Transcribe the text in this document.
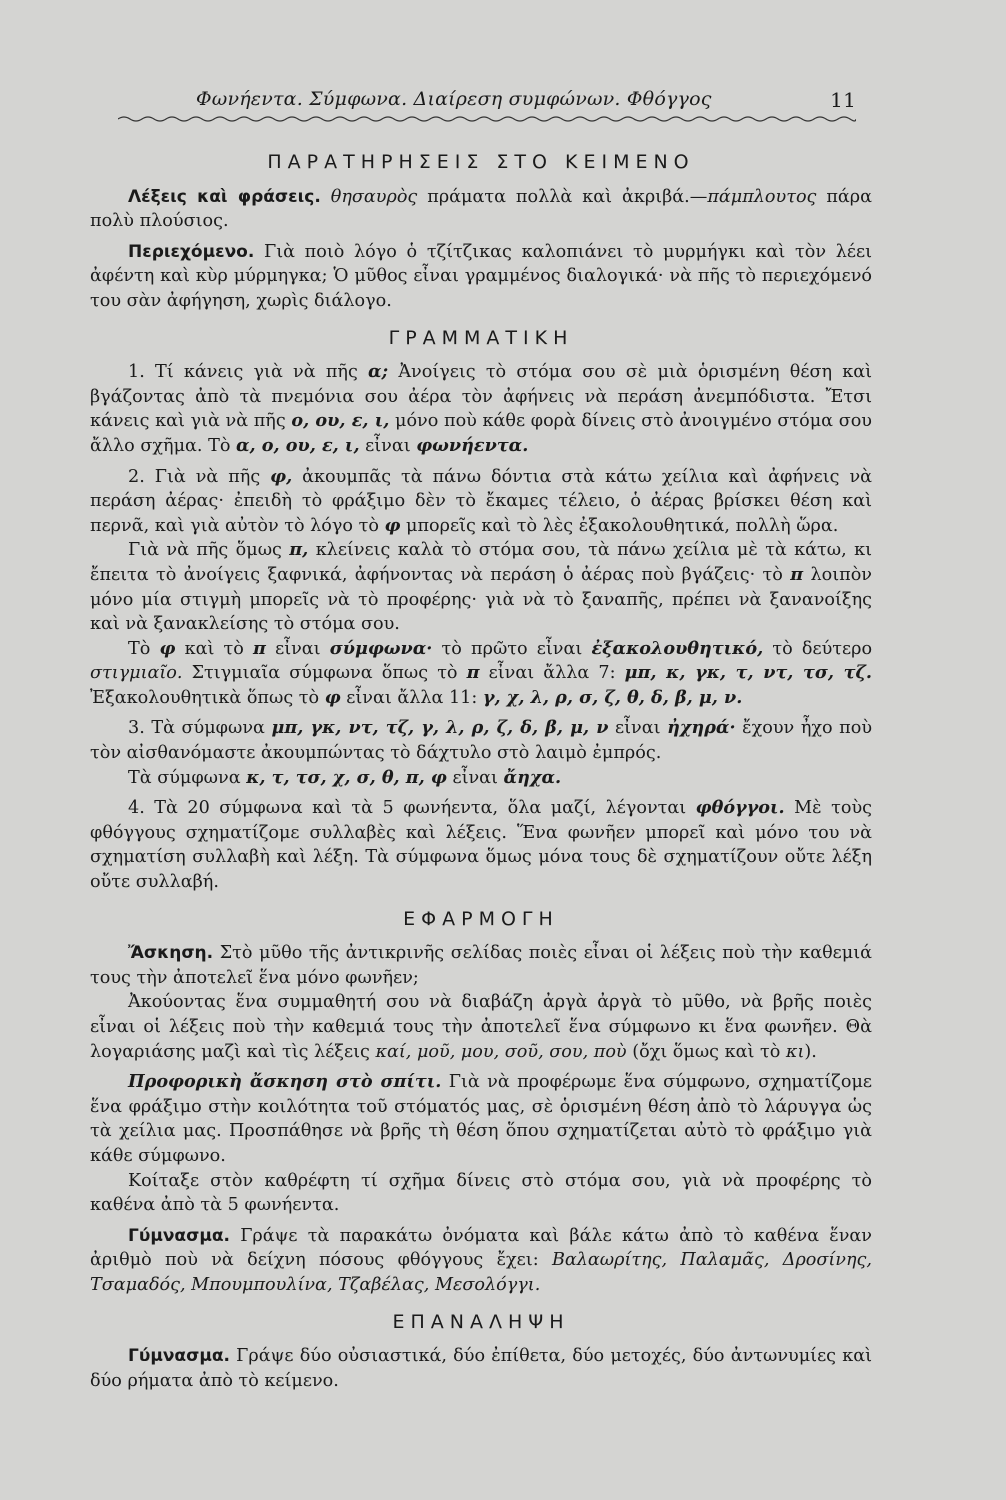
Φωνήεντα. Σύμφωνα. Διαίρεση συμφώνων. Φθόγγος	11
ΠΑΡΑΤΗΡΗΣΕΙΣ ΣΤΟ ΚΕΙΜΕΝΟ

Λέξεις καὶ φράσεις. θησαυρὸς πράματα πολλὰ καὶ ἀκριβά.—πάμπλουτος πάρα πολὺ πλούσιος.

Περιεχόμενο. Γιὰ ποιὸ λόγο ὁ τζίτζικας καλοπιάνει τὸ μυρμήγκι καὶ τὸν λέει ἀφέντη καὶ κὺρ μύρμηγκα; Ὁ μῦθος εἶναι γραμμένος διαλογικά· νὰ πῆς τὸ περιεχόμενό του σὰν ἀφήγηση, χωρὶς διάλογο.

ΓΡΑΜΜΑΤΙΚΗ

1. Τί κάνεις γιὰ νὰ πῆς α; Ἀνοίγεις τὸ στόμα σου σὲ μιὰ ὁρισμένη θέση καὶ βγάζοντας ἀπὸ τὰ πνεμόνια σου ἀέρα τὸν ἀφήνεις νὰ περάση ἀνεμπόδιστα. Ἔτσι κάνεις καὶ γιὰ νὰ πῆς ο, ου, ε, ι, μόνο ποὺ κάθε φορὰ δίνεις στὸ ἀνοιγμένο στόμα σου ἄλλο σχῆμα. Τὸ α, ο, ου, ε, ι, εἶναι φωνήεντα.

2. Γιὰ νὰ πῆς φ, ἀκουμπᾶς τὰ πάνω δόντια στὰ κάτω χείλια καὶ ἀφήνεις νὰ περάση ἀέρας· ἐπειδὴ τὸ φράξιμο δὲν τὸ ἔκαμες τέλειο, ὁ ἀέρας βρίσκει θέση καὶ περνᾶ, καὶ γιὰ αὐτὸν τὸ λόγο τὸ φ μπορεῖς καὶ τὸ λὲς ἐξακολουθητικά, πολλὴ ὥρα.

Γιὰ νὰ πῆς ὅμως π, κλείνεις καλὰ τὸ στόμα σου, τὰ πάνω χείλια μὲ τὰ κάτω, κι ἔπειτα τὸ ἀνοίγεις ξαφνικά, ἀφήνοντας νὰ περάση ὁ ἀέρας ποὺ βγάζεις· τὸ π λοιπὸν μόνο μία στιγμὴ μπορεῖς νὰ τὸ προφέρης· γιὰ νὰ τὸ ξαναπῆς, πρέπει νὰ ξανανοίξης καὶ νὰ ξανακλείσης τὸ στόμα σου.

Τὸ φ καὶ τὸ π εἶναι σύμφωνα· τὸ πρῶτο εἶναι ἐξακολουθητικό, τὸ δεύτερο στιγμιαῖο. Στιγμιαῖα σύμφωνα ὅπως τὸ π εἶναι ἄλλα 7: μπ, κ, γκ, τ, ντ, τσ, τζ. Ἐξακολουθητικὰ ὅπως τὸ φ εἶναι ἄλλα 11: γ, χ, λ, ρ, σ, ζ, θ, δ, β, μ, ν.

3. Τὰ σύμφωνα μπ, γκ, ντ, τζ, γ, λ, ρ, ζ, δ, β, μ, ν εἶναι ἠχηρά· ἔχουν ἦχο ποὺ τὸν αἰσθανόμαστε ἀκουμπώντας τὸ δάχτυλο στὸ λαιμὸ ἐμπρός.

Τὰ σύμφωνα κ, τ, τσ, χ, σ, θ, π, φ εἶναι ἄηχα.

4. Τὰ 20 σύμφωνα καὶ τὰ 5 φωνήεντα, ὅλα μαζί, λέγονται φθόγγοι. Μὲ τοὺς φθόγγους σχηματίζομε συλλαβὲς καὶ λέξεις. Ἕνα φωνῆεν μπορεῖ καὶ μόνο του νὰ σχηματίση συλλαβὴ καὶ λέξη. Τὰ σύμφωνα ὅμως μόνα τους δὲ σχηματίζουν οὔτε λέξη οὔτε συλλαβή.

ΕΦΑΡΜΟΓΗ

Ἄσκηση. Στὸ μῦθο τῆς ἀντικρινῆς σελίδας ποιὲς εἶναι οἱ λέξεις ποὺ τὴν καθεμιά τους τὴν ἀποτελεῖ ἕνα μόνο φωνῆεν;

Ἀκούοντας ἕνα συμμαθητή σου νὰ διαβάζη ἀργὰ ἀργὰ τὸ μῦθο, νὰ βρῆς ποιὲς εἶναι οἱ λέξεις ποὺ τὴν καθεμιά τους τὴν ἀποτελεῖ ἕνα σύμφωνο κι ἕνα φωνῆεν. Θὰ λογαριάσης μαζὶ καὶ τὶς λέξεις καί, μοῦ, μου, σοῦ, σου, ποὺ (ὄχι ὅμως καὶ τὸ κι).

Προφορικὴ ἄσκηση στὸ σπίτι. Γιὰ νὰ προφέρωμε ἕνα σύμφωνο, σχηματίζομε ἕνα φράξιμο στὴν κοιλότητα τοῦ στόματός μας, σὲ ὁρισμένη θέση ἀπὸ τὸ λάρυγγα ὡς τὰ χείλια μας. Προσπάθησε νὰ βρῆς τὴ θέση ὅπου σχηματίζεται αὐτὸ τὸ φράξιμο γιὰ κάθε σύμφωνο.

Κοίταξε στὸν καθρέφτη τί σχῆμα δίνεις στὸ στόμα σου, γιὰ νὰ προφέρης τὸ καθένα ἀπὸ τὰ 5 φωνήεντα.

Γύμνασμα. Γράψε τὰ παρακάτω ὀνόματα καὶ βάλε κάτω ἀπὸ τὸ καθένα ἕναν ἀριθμὸ ποὺ νὰ δείχνη πόσους φθόγγους ἔχει: Βαλαωρίτης, Παλαμᾶς, Δροσίνης, Τσαμαδός, Μπουμπουλίνα, Τζαβέλας, Μεσολόγγι.

ΕΠΑΝΑΛΗΨΗ

Γύμνασμα. Γράψε δύο οὐσιαστικά, δύο ἐπίθετα, δύο μετοχές, δύο ἀντωνυμίες καὶ δύο ρήματα ἀπὸ τὸ κείμενο.
